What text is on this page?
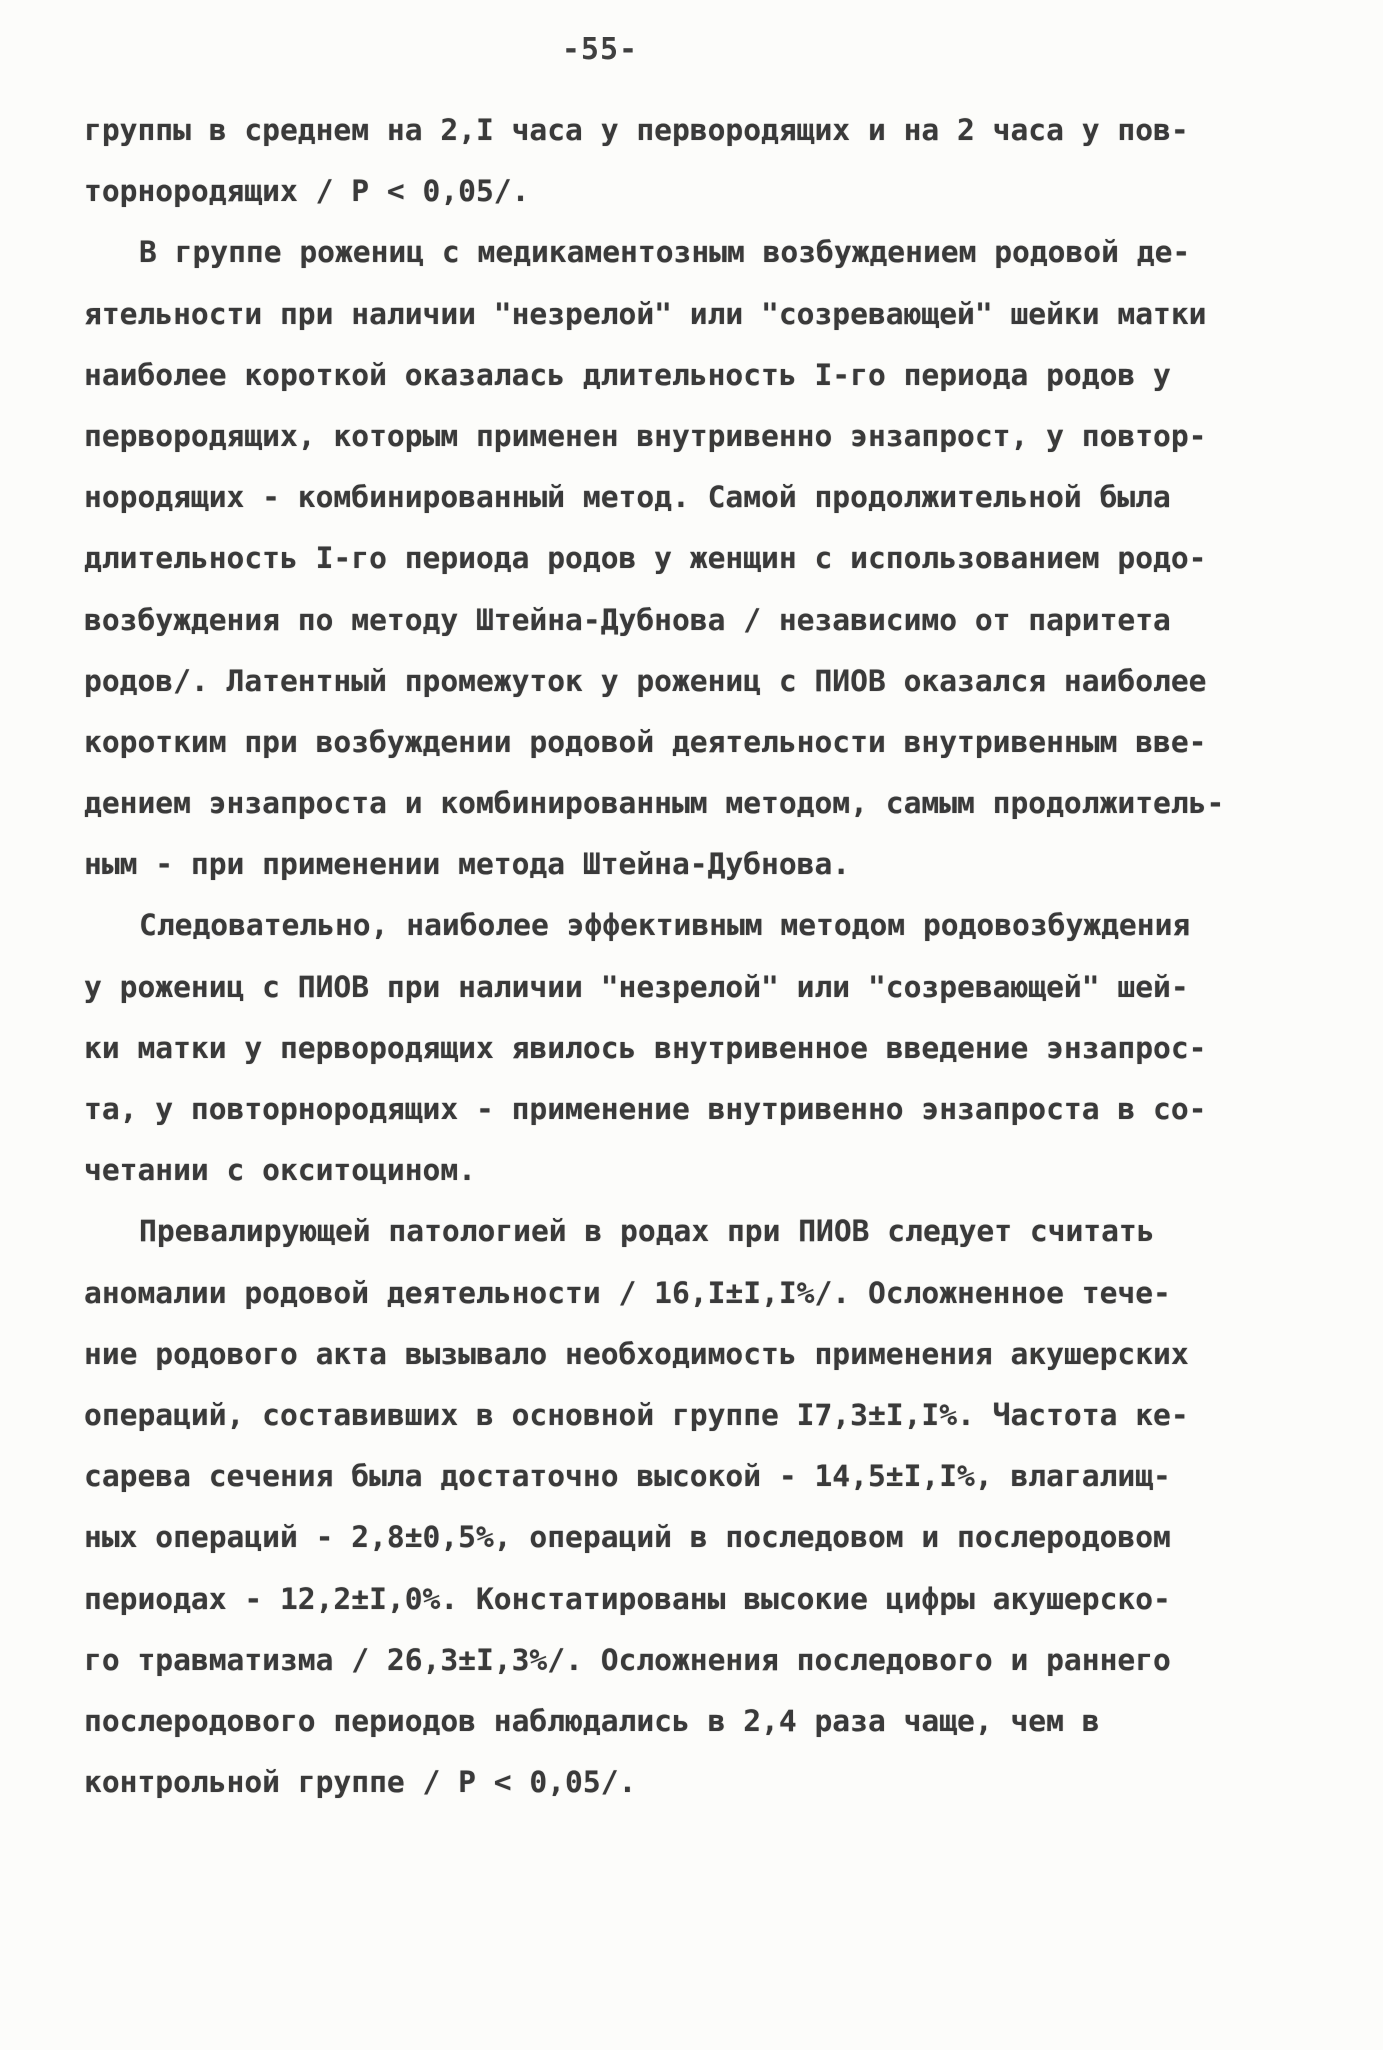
-55-
группы в среднем на 2,I часа у первородящих и на 2 часа у пов-
торнородящих / Р < 0,05/.
В группе рожениц с медикаментозным возбуждением родовой де-
ятельности при наличии "незрелой" или "созревающей" шейки матки
наиболее короткой оказалась длительность I-го периода родов у
первородящих, которым применен внутривенно энзапрост, у повтор-
нородящих - комбинированный метод. Самой продолжительной была
длительность I-го периода родов у женщин с использованием родо-
возбуждения по методу Штейна-Дубнова / независимо от паритета
родов/. Латентный промежуток у рожениц с ПИОВ оказался наиболее
коротким при возбуждении родовой деятельности внутривенным вве-
дением энзапроста и комбинированным методом, самым продолжитель-
ным - при применении метода Штейна-Дубнова.
Следовательно, наиболее эффективным методом родовозбуждения
у рожениц с ПИОВ при наличии "незрелой" или "созревающей" шей-
ки матки у первородящих явилось внутривенное введение энзапрос-
та, у повторнородящих - применение внутривенно энзапроста в со-
четании с окситоцином.
Превалирующей патологией в родах при ПИОВ следует считать
аномалии родовой деятельности / 16,I±I,I%/. Осложненное тече-
ние родового акта вызывало необходимость применения акушерских
операций, составивших в основной группе I7,3±I,I%. Частота ке-
сарева сечения была достаточно высокой - 14,5±I,I%, влагалищ-
ных операций - 2,8±0,5%, операций в последовом и послеродовом
периодах - 12,2±I,0%. Констатированы высокие цифры акушерско-
го травматизма / 26,3±I,3%/. Осложнения последового и раннего
послеродового периодов наблюдались в 2,4 раза чаще, чем в
контрольной группе / Р < 0,05/.
